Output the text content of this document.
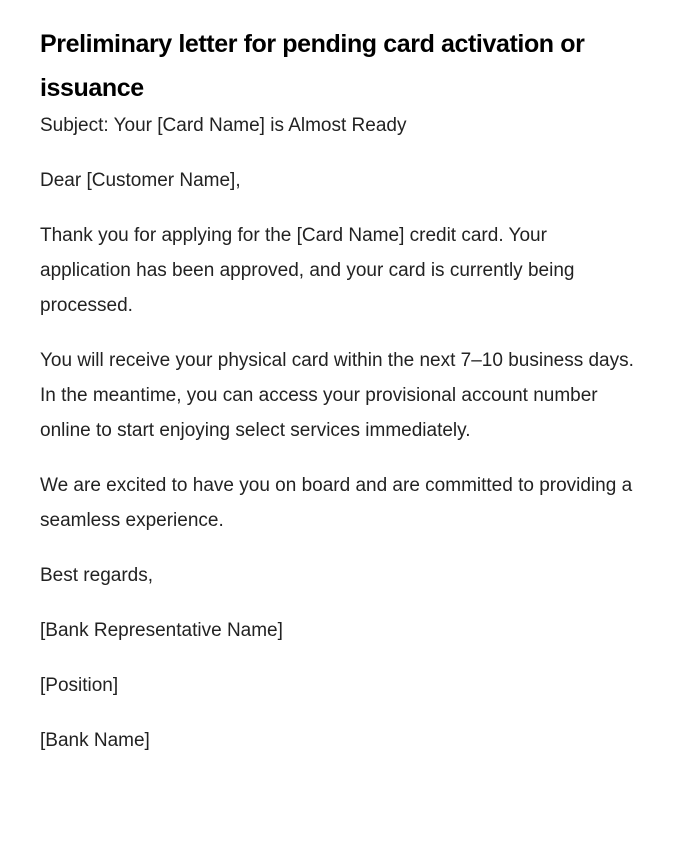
Preliminary letter for pending card activation or issuance

Subject: Your [Card Name] is Almost Ready

Dear [Customer Name],

Thank you for applying for the [Card Name] credit card. Your application has been approved, and your card is currently being processed.

You will receive your physical card within the next 7–10 business days. In the meantime, you can access your provisional account number online to start enjoying select services immediately.

We are excited to have you on board and are committed to providing a seamless experience.

Best regards,

[Bank Representative Name]

[Position]

[Bank Name]
